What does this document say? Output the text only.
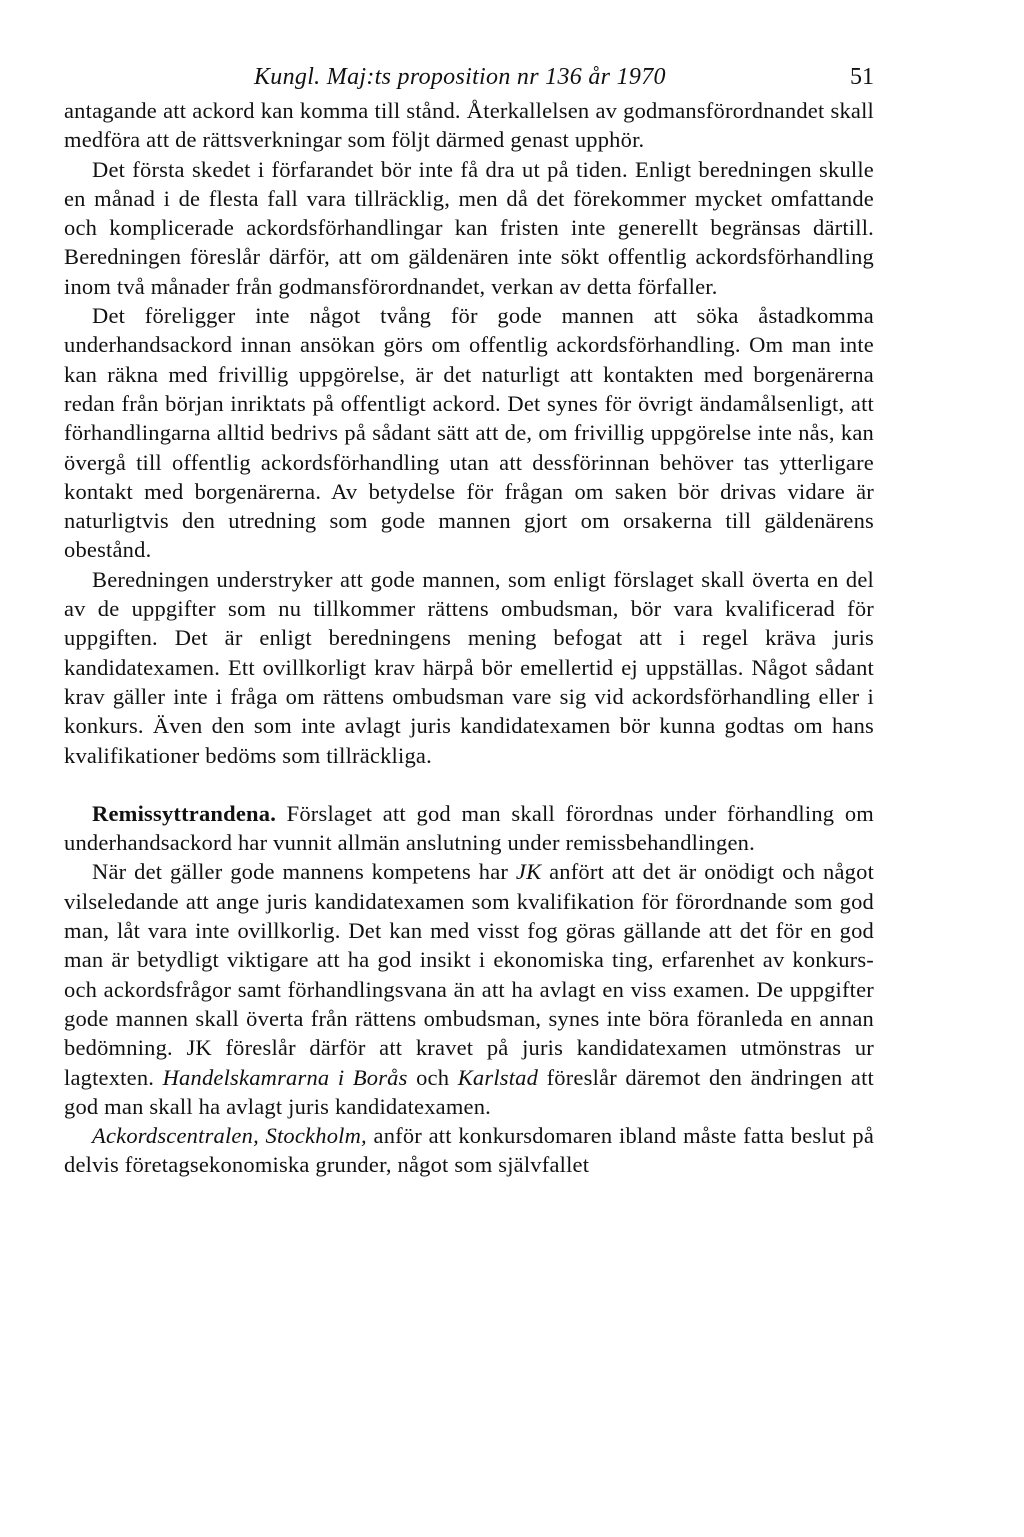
Kungl. Maj:ts proposition nr 136 år 1970	51

antagande att ackord kan komma till stånd. Återkallelsen av godmansförordnandet skall medföra att de rättsverkningar som följt därmed genast upphör.

Det första skedet i förfarandet bör inte få dra ut på tiden. Enligt beredningen skulle en månad i de flesta fall vara tillräcklig, men då det förekommer mycket omfattande och komplicerade ackordsförhandlingar kan fristen inte generellt begränsas därtill. Beredningen föreslår därför, att om gäldenären inte sökt offentlig ackordsförhandling inom två månader från godmansförordnandet, verkan av detta förfaller.

Det föreligger inte något tvång för gode mannen att söka åstadkomma underhandsackord innan ansökan görs om offentlig ackordsförhandling. Om man inte kan räkna med frivillig uppgörelse, är det naturligt att kontakten med borgenärerna redan från början inriktats på offentligt ackord. Det synes för övrigt ändamålsenligt, att förhandlingarna alltid bedrivs på sådant sätt att de, om frivillig uppgörelse inte nås, kan övergå till offentlig ackordsförhandling utan att dessförinnan behöver tas ytterligare kontakt med borgenärerna. Av betydelse för frågan om saken bör drivas vidare är naturligtvis den utredning som gode mannen gjort om orsakerna till gäldenärens obestånd.

Beredningen understryker att gode mannen, som enligt förslaget skall överta en del av de uppgifter som nu tillkommer rättens ombudsman, bör vara kvalificerad för uppgiften. Det är enligt beredningens mening befogat att i regel kräva juris kandidatexamen. Ett ovillkorligt krav härpå bör emellertid ej uppställas. Något sådant krav gäller inte i fråga om rättens ombudsman vare sig vid ackordsförhandling eller i konkurs. Även den som inte avlagt juris kandidatexamen bör kunna godtas om hans kvalifikationer bedöms som tillräckliga.

Remissyttrandena. Förslaget att god man skall förordnas under förhandling om underhandsackord har vunnit allmän anslutning under remissbehandlingen.

När det gäller gode mannens kompetens har JK anfört att det är onödigt och något vilseledande att ange juris kandidatexamen som kvalifikation för förordnande som god man, låt vara inte ovillkorlig. Det kan med visst fog göras gällande att det för en god man är betydligt viktigare att ha god insikt i ekonomiska ting, erfarenhet av konkurs- och ackordsfrågor samt förhandlingsvana än att ha avlagt en viss examen. De uppgifter gode mannen skall överta från rättens ombudsman, synes inte böra föranleda en annan bedömning. JK föreslår därför att kravet på juris kandidatexamen utmönstras ur lagtexten. Handelskamrarna i Borås och Karlstad föreslår däremot den ändringen att god man skall ha avlagt juris kandidatexamen.

Ackordscentralen, Stockholm, anför att konkursdomaren ibland måste fatta beslut på delvis företagsekonomiska grunder, något som självfallet
